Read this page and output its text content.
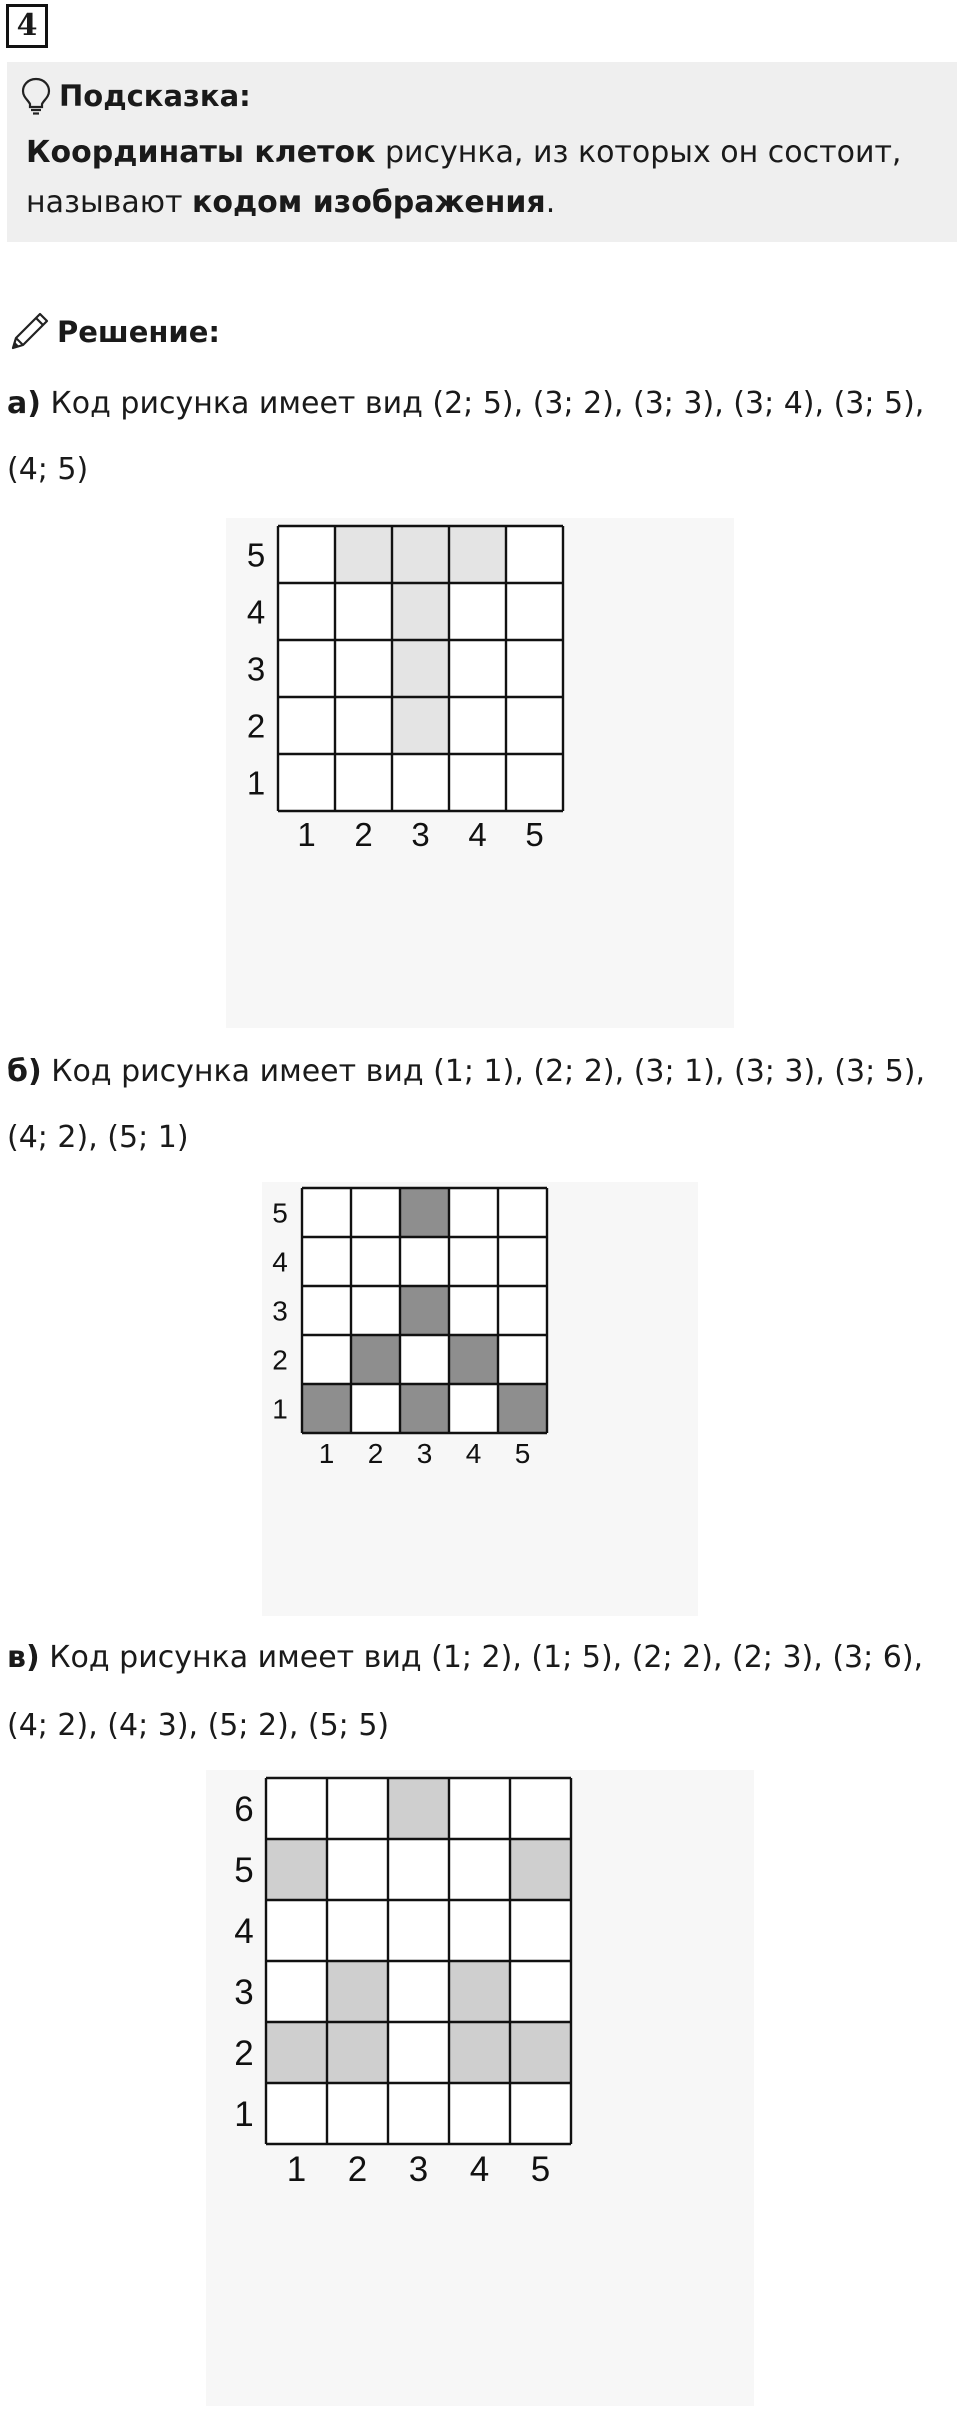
4
Подсказка:
Координаты клеток рисунка, из которых он состоит,
называют кодом изображения.
Решение:
а) Код рисунка имеет вид (2; 5), (3; 2), (3; 3), (3; 4), (3; 5),
(4; 5)
1 2 3 4 5
1
2
3
4
5
б) Код рисунка имеет вид (1; 1), (2; 2), (3; 1), (3; 3), (3; 5),
(4; 2), (5; 1)
1 2 3 4 5
1
2
3
4
5
в) Код рисунка имеет вид (1; 2), (1; 5), (2; 2), (2; 3), (3; 6),
(4; 2), (4; 3), (5; 2), (5; 5)
1 2 3 4 5
1
2
3
4
5
6
